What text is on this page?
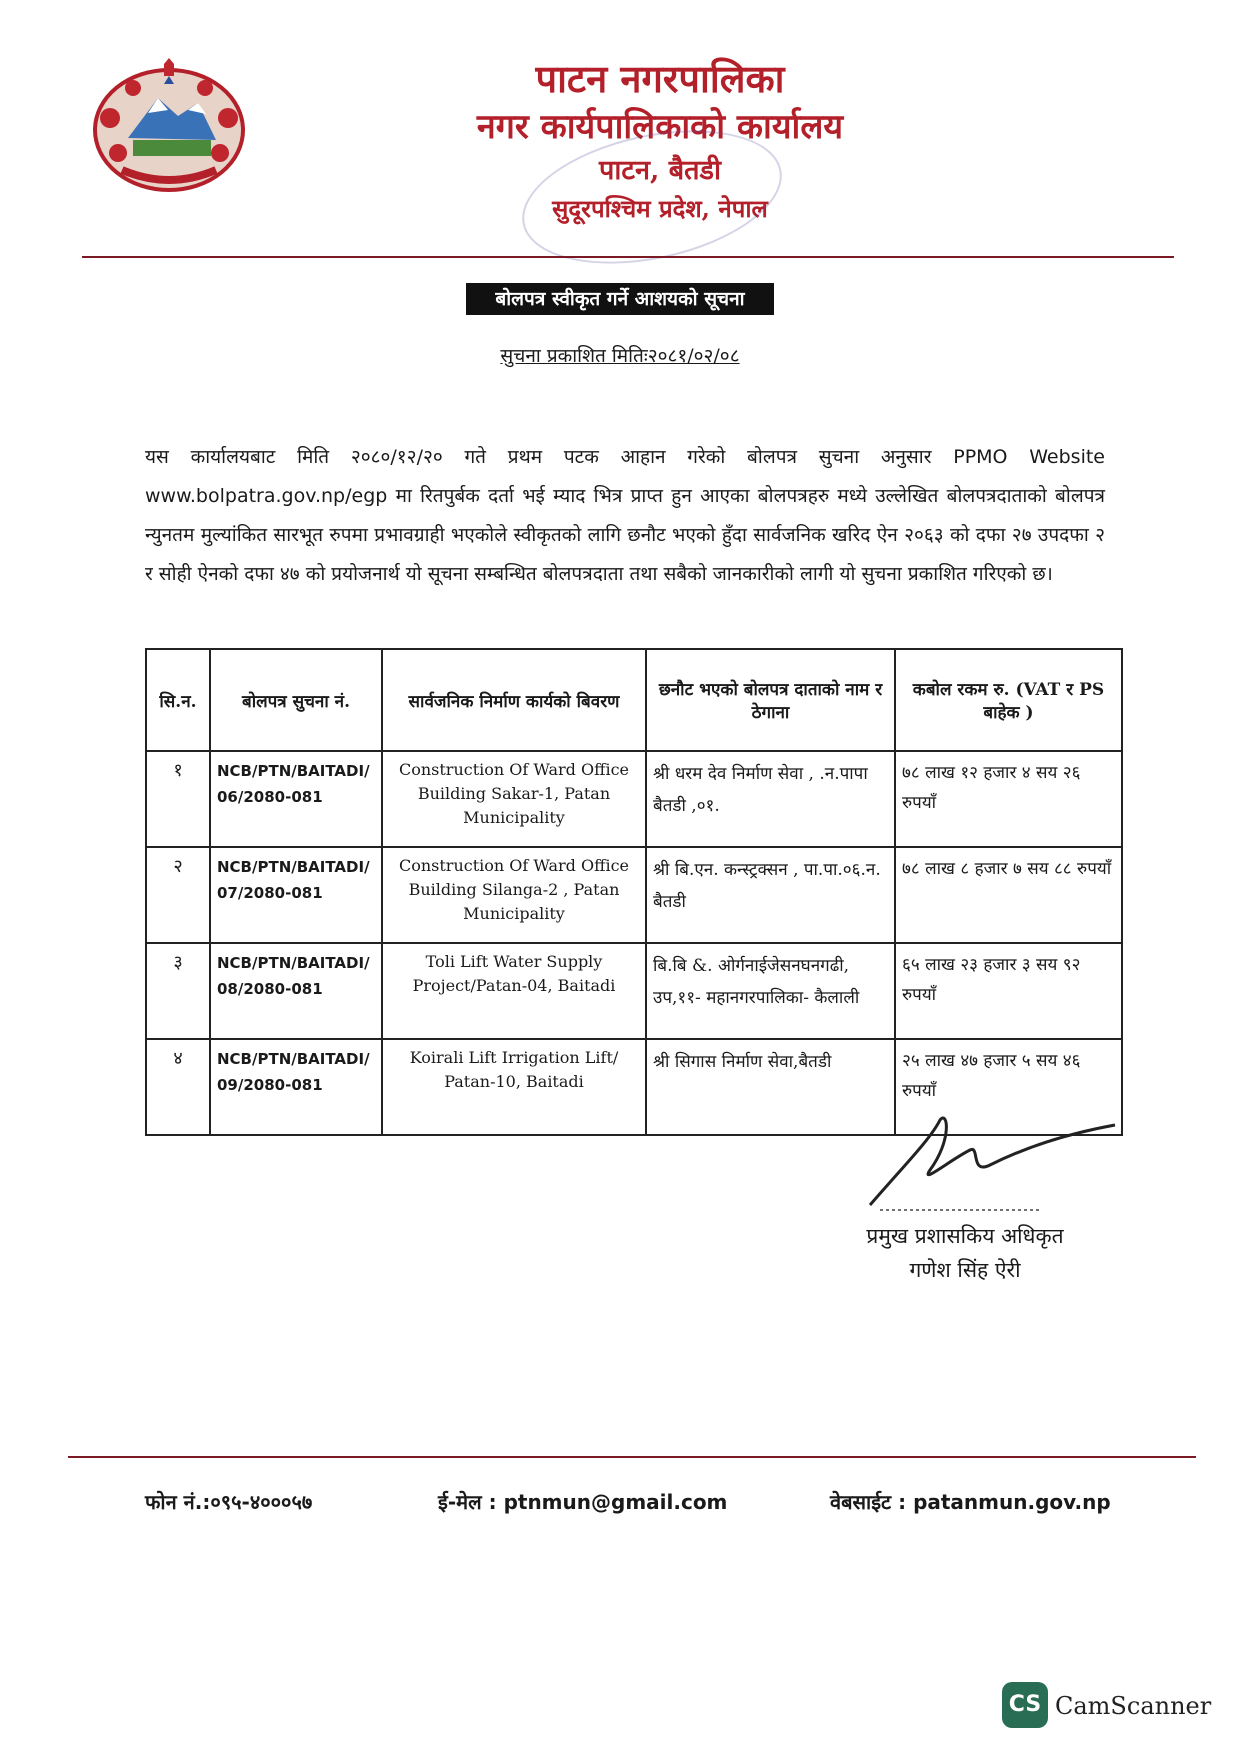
पाटन नगरपालिका
नगर कार्यपालिकाको कार्यालय
पाटन, बैतडी
सुदूरपश्चिम प्रदेश, नेपाल
बोलपत्र स्वीकृत गर्ने आशयको सूचना
सुचना प्रकाशित मितिः२०८१/०२/०८
यस कार्यालयबाट मिति २०८०/१२/२० गते प्रथम पटक आहान गरेको बोलपत्र सुचना अनुसार PPMO Website www.bolpatra.gov.np/egp मा रितपुर्बक दर्ता भई म्याद भित्र प्राप्त हुन आएका बोलपत्रहरु मध्ये उल्लेखित बोलपत्रदाताको बोलपत्र न्युनतम मुल्यांकित सारभूत रुपमा प्रभावग्राही भएकोले स्वीकृतको लागि छनौट भएको हुँदा सार्वजनिक खरिद ऐन २०६३ को दफा २७ उपदफा २ र सोही ऐनको दफा ४७ को प्रयोजनार्थ यो सूचना सम्बन्धित बोलपत्रदाता तथा सबैको जानकारीको लागी यो सुचना प्रकाशित गरिएको छ।
सि.न.	बोलपत्र सुचना नं.	सार्वजनिक निर्माण कार्यको बिवरण	छनौट भएको बोलपत्र दाताको नाम र ठेगाना	कबोल रकम रु. (VAT र PS बाहेक )
१	NCB/PTN/BAITADI/ 06/2080-081	Construction Of Ward Office Building Sakar-1, Patan Municipality	श्री धरम देव निर्माण सेवा , .न.पापा बैतडी ,०१.	७८ लाख १२ हजार ४ सय २६ रुपयाँ
२	NCB/PTN/BAITADI/ 07/2080-081	Construction Of Ward Office Building Silanga-2 , Patan Municipality	श्री बि.एन. कन्स्ट्रक्सन , पा.पा.०६.न. बैतडी	७८ लाख ८ हजार ७ सय ८८ रुपयाँ
३	NCB/PTN/BAITADI/ 08/2080-081	Toli Lift Water Supply Project/Patan-04, Baitadi	बि.बि &. ओर्गनाईजेसनघनगढी, उप,११- महानगरपालिका- कैलाली	६५ लाख २३ हजार ३ सय ९२ रुपयाँ
४	NCB/PTN/BAITADI/ 09/2080-081	Koirali Lift Irrigation Lift/ Patan-10, Baitadi	श्री सिगास निर्माण सेवा,बैतडी	२५ लाख ४७ हजार ५ सय ४६ रुपयाँ
प्रमुख प्रशासकिय अधिकृत
गणेश सिंह ऐरी
फोन नं.:०९५-४०००५७	ई-मेल : ptnmun@gmail.com	वेबसाईट : patanmun.gov.np
CS CamScanner
